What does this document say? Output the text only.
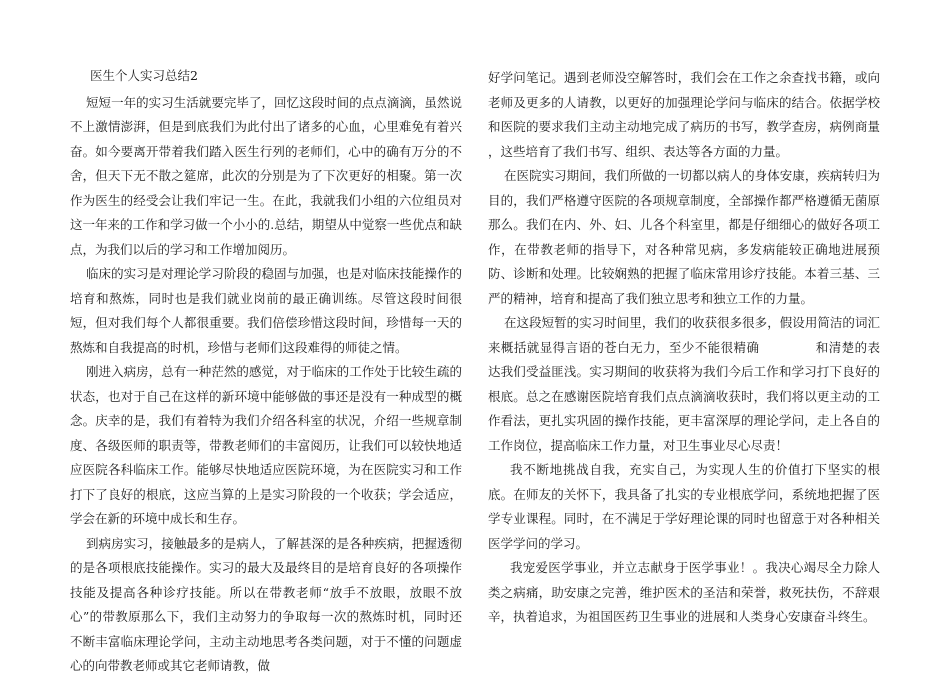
医生个人实习总结2

短短一年的实习生活就要完毕了，回忆这段时间的点点滴滴，虽然说不上激情澎湃，但是到底我们为此付出了诸多的心血，心里难免有着兴奋。如今要离开带着我们踏入医生行列的老师们，心中的确有万分的不舍，但天下无不散之筵席，此次的分别是为了下次更好的相聚。第一次作为医生的经受会让我们牢记一生。在此，我就我们小组的六位组员对这一年来的工作和学习做一个小小的.总结，期望从中觉察一些优点和缺点，为我们以后的学习和工作增加阅历。

临床的实习是对理论学习阶段的稳固与加强，也是对临床技能操作的培育和熬炼，同时也是我们就业岗前的最正确训练。尽管这段时间很短，但对我们每个人都很重要。我们倍偿珍惜这段时间，珍惜每一天的熬炼和自我提高的时机，珍惜与老师们这段难得的师徒之情。

刚进入病房，总有一种茫然的感觉，对于临床的工作处于比较生疏的状态，也对于自己在这样的新环境中能够做的事还是没有一种成型的概念。庆幸的是，我们有着特为我们介绍各科室的状况，介绍一些规章制度、各级医师的职责等，带教老师们的丰富阅历，让我们可以较快地适应医院各科临床工作。能够尽快地适应医院环境，为在医院实习和工作打下了良好的根底，这应当算的上是实习阶段的一个收获；学会适应，学会在新的环境中成长和生存。

到病房实习，接触最多的是病人，了解甚深的是各种疾病，把握透彻的是各项根底技能操作。实习的最大及最终目的是培育良好的各项操作技能及提高各种诊疗技能。所以在带教老师“放手不放眼，放眼不放心”的带教原那么下，我们主动努力的争取每一次的熬炼时机，同时还不断丰富临床理论学问，主动主动地思考各类问题，对于不懂的问题虚心的向带教老师或其它老师请教，做

好学问笔记。遇到老师没空解答时，我们会在工作之余查找书籍，或向老师及更多的人请教，以更好的加强理论学问与临床的结合。依据学校和医院的要求我们主动主动地完成了病历的书写，教学查房，病例商量 ，这些培育了我们书写、组织、表达等各方面的力量。

在医院实习期间，我们所做的一切都以病人的身体安康，疾病转归为目的，我们严格遵守医院的各项规章制度，全部操作都严格遵循无菌原那么。我们在内、外、妇、儿各个科室里，都是仔细细心的做好各项工作，在带教老师的指导下，对各种常见病，多发病能较正确地进展预防、诊断和处理。比较娴熟的把握了临床常用诊疗技能。本着三基、三严的精神，培育和提高了我们独立思考和独立工作的力量。

在这段短暂的实习时间里，我们的收获很多很多，假设用简洁的词汇来概括就显得言语的苍白无力，至少不能很精确	和清楚的表达我们受益匪浅。实习期间的收获将为我们今后工作和学习打下良好的根底。总之在感谢医院培育我们点点滴滴收获时，我们将以更主动的工作看法，更扎实巩固的操作技能，更丰富深厚的理论学问，走上各自的工作岗位，提高临床工作力量，对卫生事业尽心尽责！

我不断地挑战自我，充实自己，为实现人生的价值打下坚实的根底。在师友的关怀下，我具备了扎实的专业根底学问，系统地把握了医学专业课程。同时，在不满足于学好理论课的同时也留意于对各种相关医学学问的学习。

我宠爱医学事业，并立志献身于医学事业！。我决心竭尽全力除人类之病痛，助安康之完善，维护医术的圣洁和荣誉，救死扶伤，不辞艰辛，执着追求，为祖国医药卫生事业的进展和人类身心安康奋斗终生。
